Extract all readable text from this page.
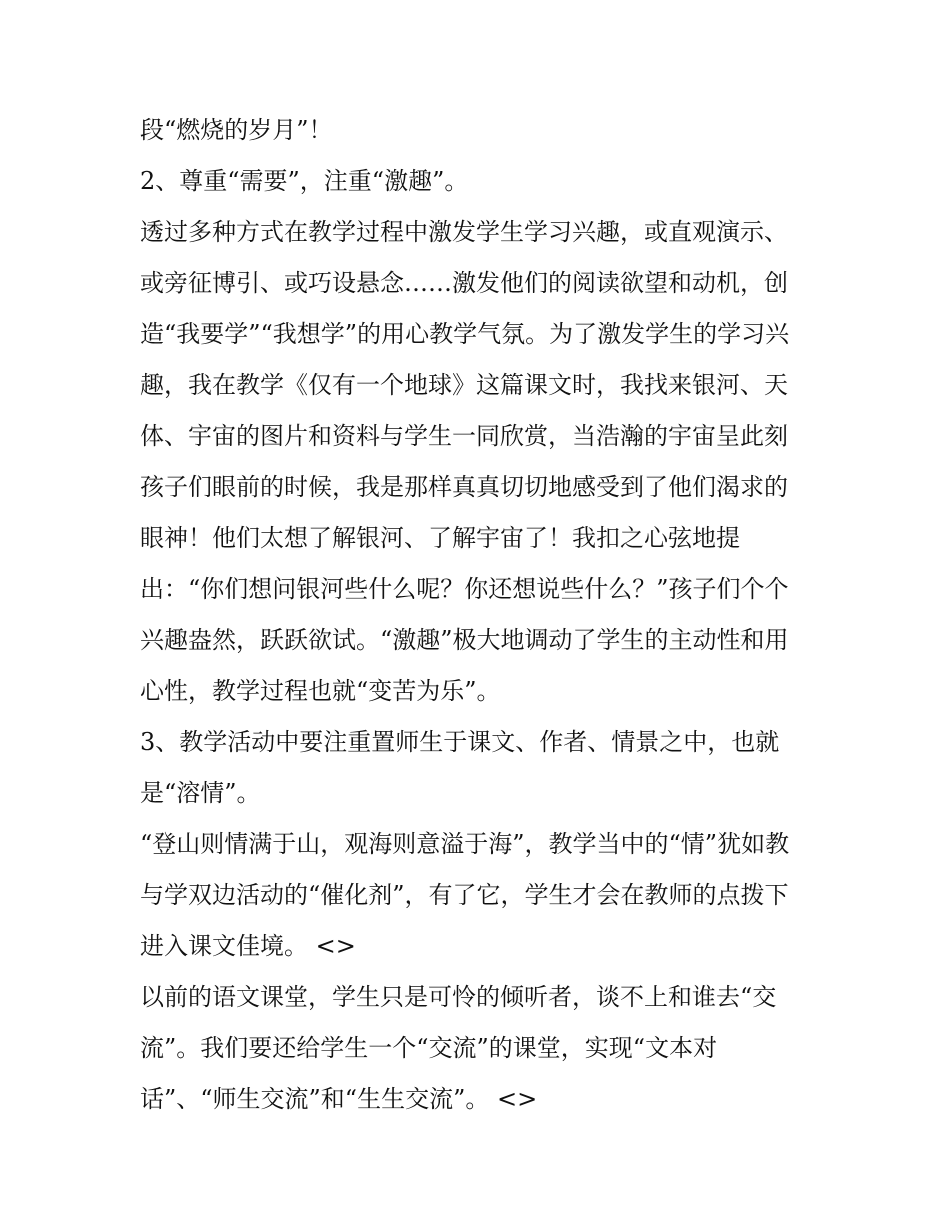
段“燃烧的岁月”！
2、尊重“需要”，注重“激趣”。
透过多种方式在教学过程中激发学生学习兴趣，或直观演示、
或旁征博引、或巧设悬念……激发他们的阅读欲望和动机，创
造“我要学”“我想学”的用心教学气氛。为了激发学生的学习兴
趣，我在教学《仅有一个地球》这篇课文时，我找来银河、天
体、宇宙的图片和资料与学生一同欣赏，当浩瀚的宇宙呈此刻
孩子们眼前的时候，我是那样真真切切地感受到了他们渴求的
眼神！他们太想了解银河、了解宇宙了！我扣之心弦地提
出：“你们想问银河些什么呢？你还想说些什么？”孩子们个个
兴趣盎然，跃跃欲试。“激趣”极大地调动了学生的主动性和用
心性，教学过程也就“变苦为乐”。
3、教学活动中要注重置师生于课文、作者、情景之中，也就
是“溶情”。
“登山则情满于山，观海则意溢于海”，教学当中的“情”犹如教
与学双边活动的“催化剂”，有了它，学生才会在教师的点拨下
进入课文佳境。 <>
以前的语文课堂，学生只是可怜的倾听者，谈不上和谁去“交
流”。我们要还给学生一个“交流”的课堂，实现“文本对
话”、“师生交流”和“生生交流”。 <>
